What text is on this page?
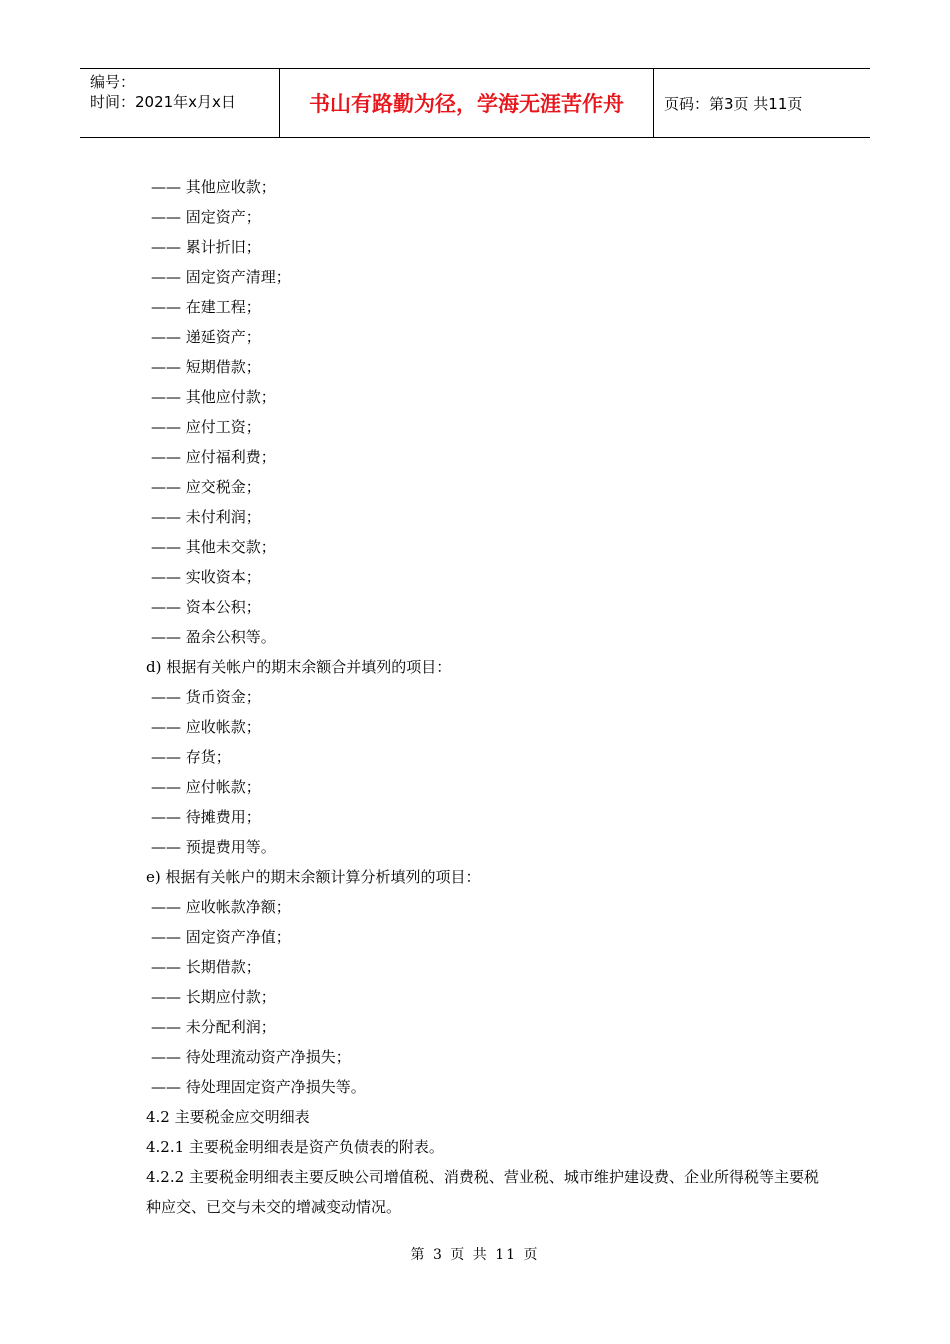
编号：
时间：2021年x月x日	书山有路勤为径，学海无涯苦作舟	页码：第3页 共11页
—— 其他应收款；
—— 固定资产；
—— 累计折旧；
—— 固定资产清理；
—— 在建工程；
—— 递延资产；
—— 短期借款；
—— 其他应付款；
—— 应付工资；
—— 应付福利费；
—— 应交税金；
—— 未付利润；
—— 其他未交款；
—— 实收资本；
—— 资本公积；
—— 盈余公积等。
d) 根据有关帐户的期末余额合并填列的项目：
—— 货币资金；
—— 应收帐款；
—— 存货；
—— 应付帐款；
—— 待摊费用；
—— 预提费用等。
e) 根据有关帐户的期末余额计算分析填列的项目：
—— 应收帐款净额；
—— 固定资产净值；
—— 长期借款；
—— 长期应付款；
—— 未分配利润；
—— 待处理流动资产净损失；
—— 待处理固定资产净损失等。
4.2 主要税金应交明细表
4.2.1 主要税金明细表是资产负债表的附表。
4.2.2 主要税金明细表主要反映公司增值税、消费税、营业税、城市维护建设费、企业所得税等主要税种应交、已交与未交的增减变动情况。
第 3 页 共 11 页
